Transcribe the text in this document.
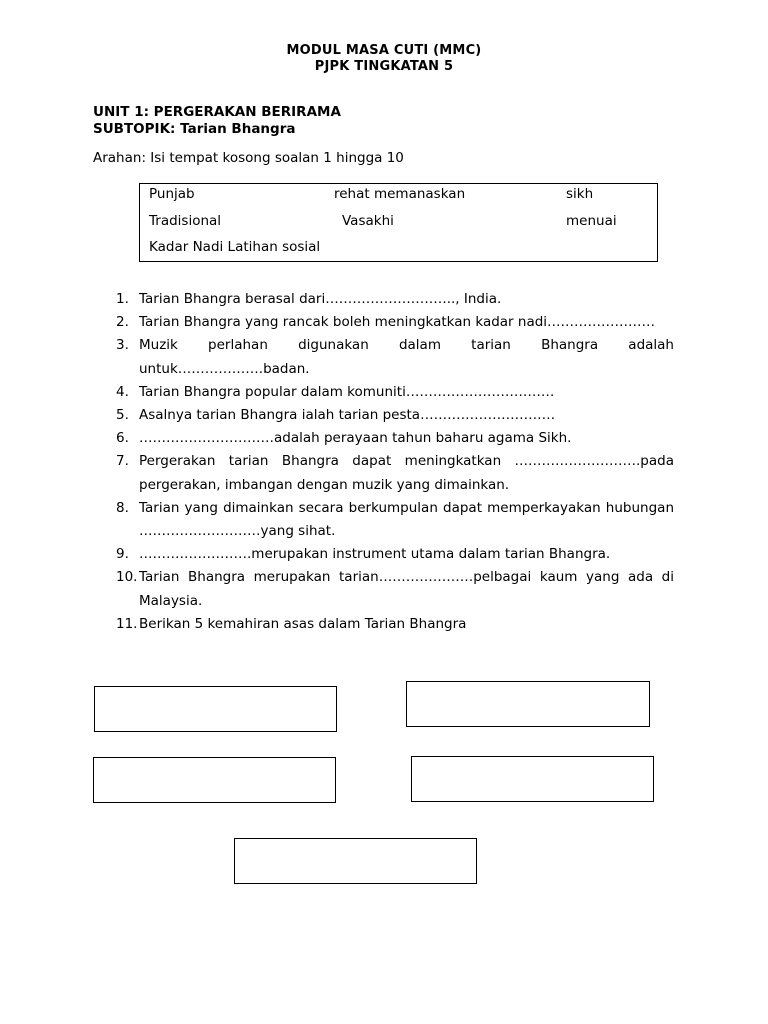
MODUL MASA CUTI (MMC)
PJPK TINGKATAN 5
UNIT 1: PERGERAKAN BERIRAMA
SUBTOPIK: Tarian Bhangra
Arahan: Isi tempat kosong soalan 1 hingga 10
Punjab	rehat memanaskan	sikh
Tradisional	Vasakhi	menuai
Kadar Nadi Latihan sosial
1. Tarian Bhangra berasal dari……………………….., India.
2. Tarian Bhangra yang rancak boleh meningkatkan kadar nadi……………………
3. Muzik perlahan digunakan dalam tarian Bhangra adalah untuk……………….badan.
4. Tarian Bhangra popular dalam komuniti……………………………
5. Asalnya tarian Bhangra ialah tarian pesta…………………………
6. …………………………adalah perayaan tahun baharu agama Sikh.
7. Pergerakan tarian Bhangra dapat meningkatkan ……………………….pada pergerakan, imbangan dengan muzik yang dimainkan.
8. Tarian yang dimainkan secara berkumpulan dapat memperkayakan hubungan ………………………yang sihat.
9. …………………….merupakan instrument utama dalam tarian Bhangra.
10. Tarian Bhangra merupakan tarian…………………pelbagai kaum yang ada di Malaysia.
11. Berikan 5 kemahiran asas dalam Tarian Bhangra
